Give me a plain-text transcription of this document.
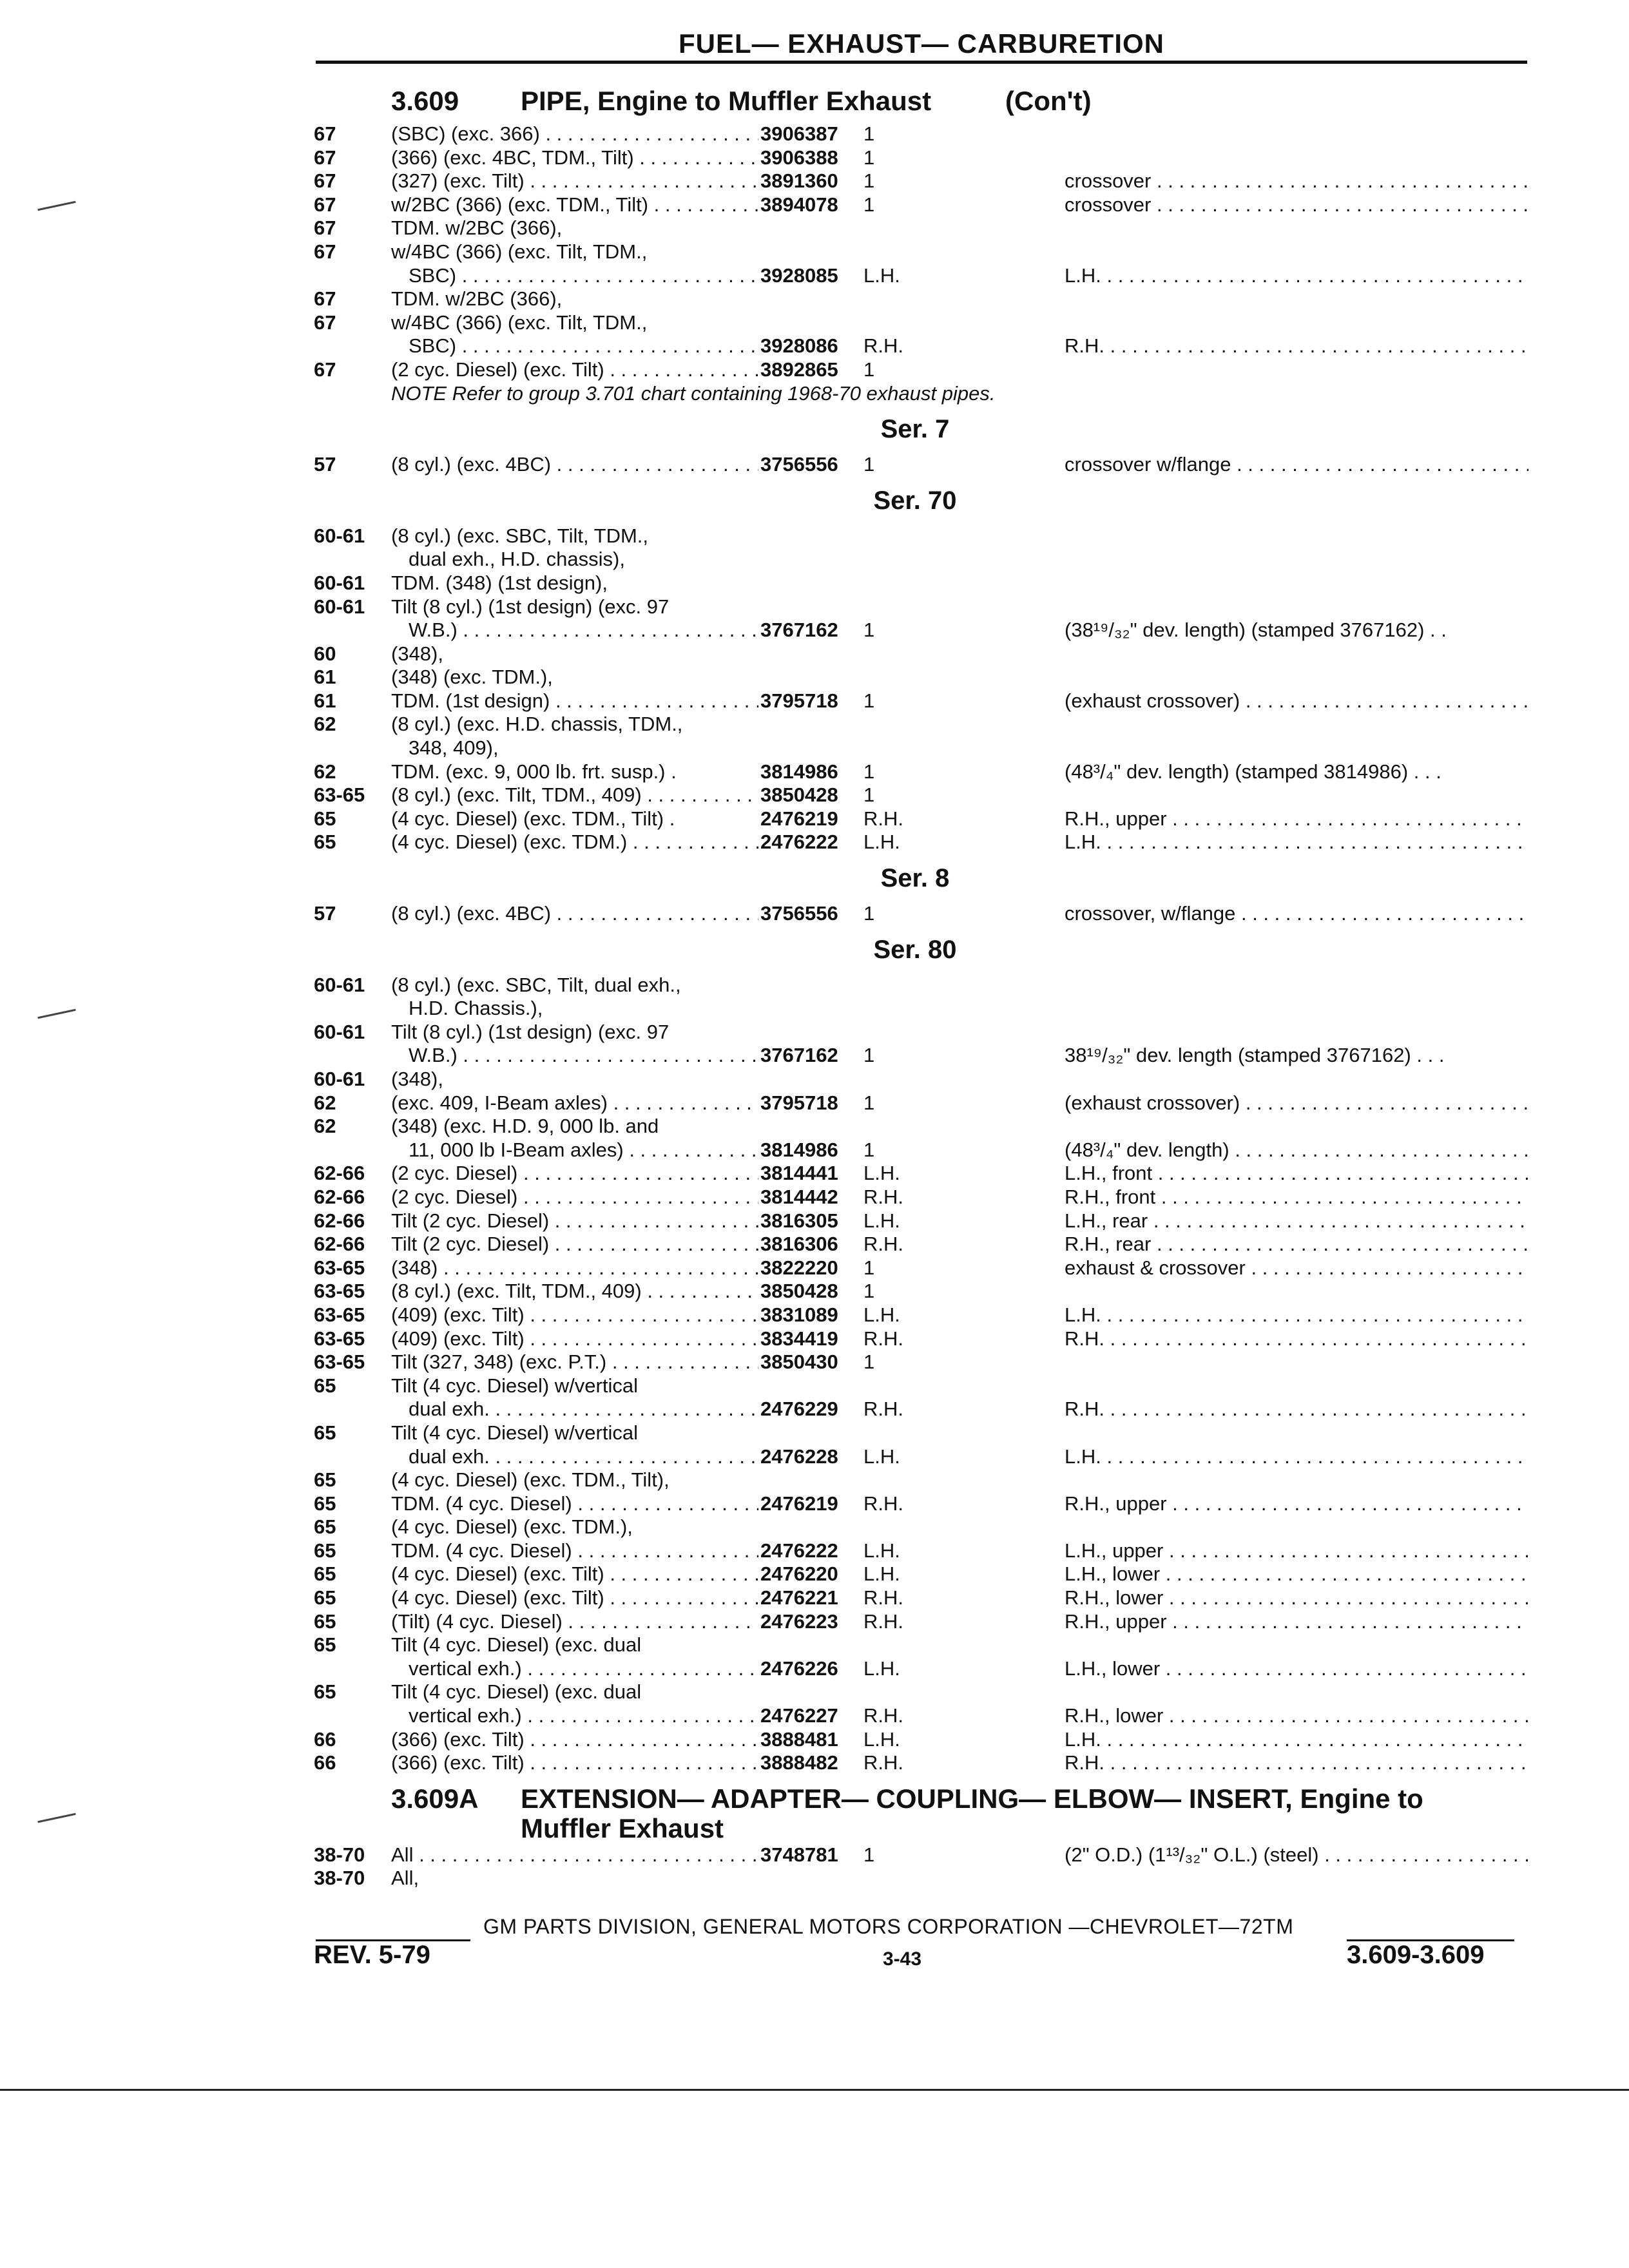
FUEL— EXHAUST— CARBURETION
3.609 PIPE, Engine to Muffler Exhaust	(Con't)
67	(SBC) (exc. 366) . . .	3906387	1
67	(366) (exc. 4BC, TDM., Tilt) . . .	3906388	1
67	(327) (exc. Tilt) . . .	3891360	1	crossover . . .
67	w/2BC (366) (exc. TDM., Tilt) . . .	3894078	1	crossover . . .
67	TDM. w/2BC (366),
67	w/4BC (366) (exc. Tilt, TDM.,
SBC) . . .	3928085	L.H.	L.H. . . .
67	TDM. w/2BC (366),
67	w/4BC (366) (exc. Tilt, TDM.,
SBC) . . .	3928086	R.H.	R.H. . . .
67	(2 cyc. Diesel) (exc. Tilt) . . .	3892865	1
NOTE Refer to group 3.701 chart containing 1968-70 exhaust pipes.
Ser. 7
57	(8 cyl.) (exc. 4BC) . . .	3756556	1	crossover w/flange . . .
Ser. 70
60-61	(8 cyl.) (exc. SBC, Tilt, TDM.,
dual exh., H.D. chassis),
60-61	TDM. (348) (1st design),
60-61	Tilt (8 cyl.) (1st design) (exc. 97
W.B.) . . .	3767162	1	(38¹⁹/₃₂" dev. length) (stamped 3767162) . .
60	(348),
61	(348) (exc. TDM.),
61	TDM. (1st design) . . .	3795718	1	(exhaust crossover) . . .
62	(8 cyl.) (exc. H.D. chassis, TDM.,
348, 409),
62	TDM. (exc. 9, 000 lb. frt. susp.) .	3814986	1	(48³/₄" dev. length) (stamped 3814986) . . .
63-65	(8 cyl.) (exc. Tilt, TDM., 409) . . .	3850428	1
65	(4 cyc. Diesel) (exc. TDM., Tilt) .	2476219	R.H.	R.H., upper . . .
65	(4 cyc. Diesel) (exc. TDM.) . . .	2476222	L.H.	L.H. . . .
Ser. 8
57	(8 cyl.) (exc. 4BC) . . .	3756556	1	crossover, w/flange . . .
Ser. 80
60-61	(8 cyl.) (exc. SBC, Tilt, dual exh.,
H.D. Chassis.),
60-61	Tilt (8 cyl.) (1st design) (exc. 97
W.B.) . . .	3767162	1	38¹⁹/₃₂" dev. length (stamped 3767162) . . .
60-61	(348),
62	(exc. 409, I-Beam axles) . . .	3795718	1	(exhaust crossover) . . .
62	(348) (exc. H.D. 9, 000 lb. and
11, 000 lb I-Beam axles) . . .	3814986	1	(48³/₄" dev. length) . . .
62-66	(2 cyc. Diesel) . . .	3814441	L.H.	L.H., front . . .
62-66	(2 cyc. Diesel) . . .	3814442	R.H.	R.H., front . . .
62-66	Tilt (2 cyc. Diesel) . . .	3816305	L.H.	L.H., rear . . .
62-66	Tilt (2 cyc. Diesel) . . .	3816306	R.H.	R.H., rear . . .
63-65	(348) . . .	3822220	1	exhaust & crossover . . .
63-65	(8 cyl.) (exc. Tilt, TDM., 409) . . .	3850428	1
63-65	(409) (exc. Tilt) . . .	3831089	L.H.	L.H. . . .
63-65	(409) (exc. Tilt) . . .	3834419	R.H.	R.H. . . .
63-65	Tilt (327, 348) (exc. P.T.) . . .	3850430	1
65	Tilt (4 cyc. Diesel) w/vertical
dual exh. . . .	2476229	R.H.	R.H. . . .
65	Tilt (4 cyc. Diesel) w/vertical
dual exh. . . .	2476228	L.H.	L.H. . . .
65	(4 cyc. Diesel) (exc. TDM., Tilt),
65	TDM. (4 cyc. Diesel) . . .	2476219	R.H.	R.H., upper . . .
65	(4 cyc. Diesel) (exc. TDM.),
65	TDM. (4 cyc. Diesel) . . .	2476222	L.H.	L.H., upper . . .
65	(4 cyc. Diesel) (exc. Tilt) . . .	2476220	L.H.	L.H., lower . . .
65	(4 cyc. Diesel) (exc. Tilt) . . .	2476221	R.H.	R.H., lower . . .
65	(Tilt) (4 cyc. Diesel) . . .	2476223	R.H.	R.H., upper . . .
65	Tilt (4 cyc. Diesel) (exc. dual
vertical exh.) . . .	2476226	L.H.	L.H., lower . . .
65	Tilt (4 cyc. Diesel) (exc. dual
vertical exh.) . . .	2476227	R.H.	R.H., lower . . .
66	(366) (exc. Tilt) . . .	3888481	L.H.	L.H. . . .
66	(366) (exc. Tilt) . . .	3888482	R.H.	R.H. . . .
3.609A EXTENSION— ADAPTER— COUPLING— ELBOW— INSERT, Engine to
Muffler Exhaust
38-70	All . . .	3748781	1	(2" O.D.) (1¹³/₃₂" O.L.) (steel) . . .
38-70	All,
GM PARTS DIVISION, GENERAL MOTORS CORPORATION —CHEVROLET—72TM
REV. 5-79	3-43	3.609-3.609
